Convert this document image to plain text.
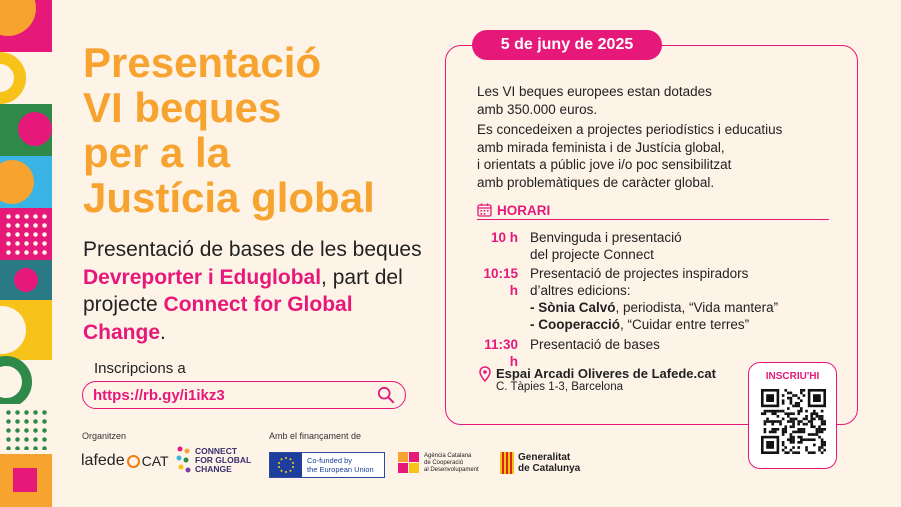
Presentació
VI beques
per a la
Justícia global
Presentació de bases de les beques Devreporter i Eduglobal, part del projecte Connect for Global Change.
Inscripcions a
https://rb.gy/i1ikz3
Organitzen	Amb el finançament de
lafede CAT
CONNECT
FOR GLOBAL
CHANGE
Co-funded by
the European Union
Agència Catalana
de Cooperació
al Desenvolupament
Generalitat
de Catalunya
5 de juny de 2025
Les VI beques europees estan dotades
amb 350.000 euros.
Es concedeixen a projectes periodístics i educatius
amb mirada feminista i de Justícia global,
i orientats a públic jove i/o poc sensibilitzat
amb problemàtiques de caràcter global.
HORARI
10 h Benvinguda i presentació
del projecte Connect
10:15 h
Presentació de projectes inspiradors
d’altres edicions:
- Sònia Calvó, periodista, “Vida mantera”
- Cooperacció, “Cuidar entre terres”
11:30 h
Presentació de bases
Espai Arcadi Oliveres de Lafede.cat
C. Tàpies 1-3, Barcelona
INSCRIU'HI
